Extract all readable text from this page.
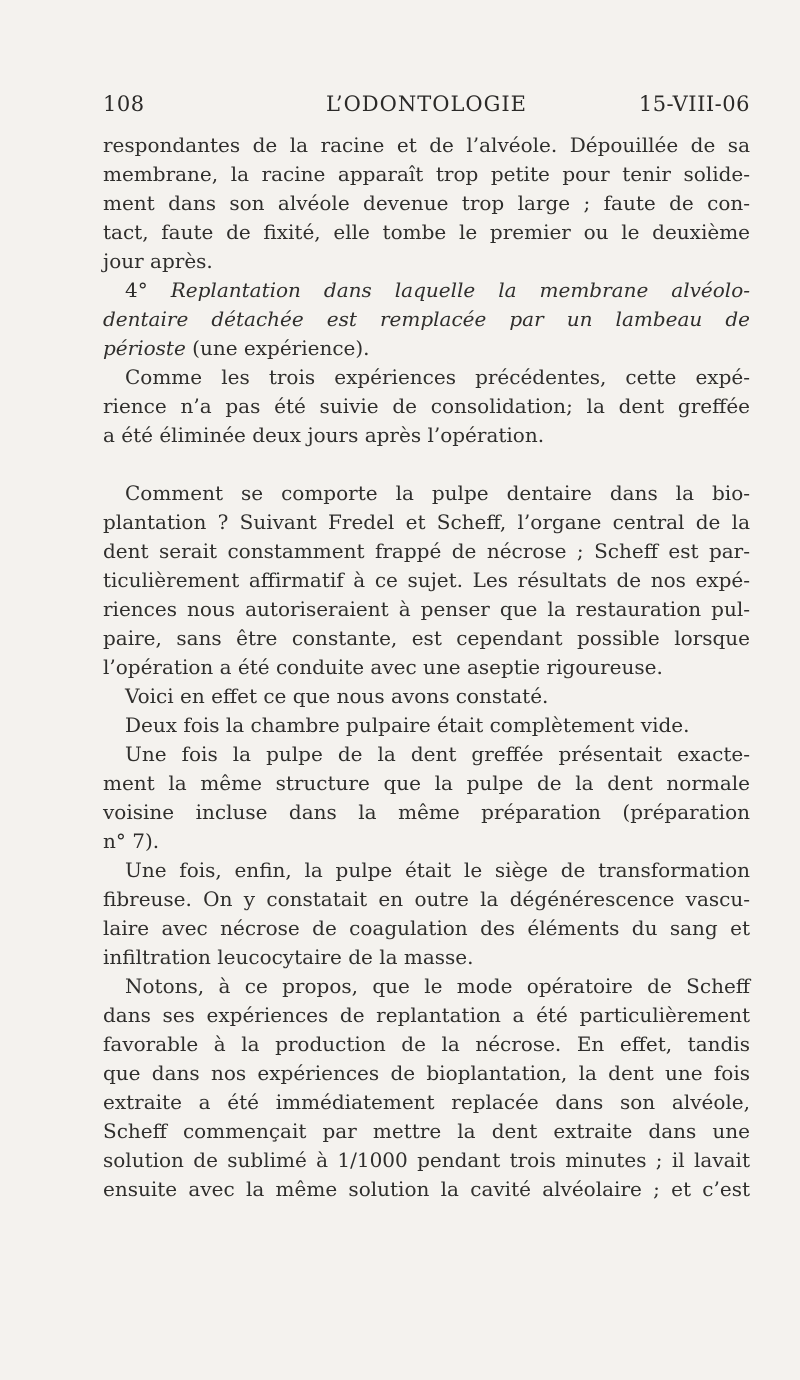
108	L’ODONTOLOGIE	15-VIII-06
respondantes de la racine et de l’alvéole. Dépouillée de sa
membrane, la racine apparaît trop petite pour tenir solide-
ment dans son alvéole devenue trop large ; faute de con-
tact, faute de fixité, elle tombe le premier ou le deuxième
jour après.
4° Replantation dans laquelle la membrane alvéolo-
dentaire détachée est remplacée par un lambeau de
périoste (une expérience).
Comme les trois expériences précédentes, cette expé-
rience n’a pas été suivie de consolidation; la dent greffée
a été éliminée deux jours après l’opération.
Comment se comporte la pulpe dentaire dans la bio-
plantation ? Suivant Fredel et Scheff, l’organe central de la
dent serait constamment frappé de nécrose ; Scheff est par-
ticulièrement affirmatif à ce sujet. Les résultats de nos expé-
riences nous autoriseraient à penser que la restauration pul-
paire, sans être constante, est cependant possible lorsque
l’opération a été conduite avec une aseptie rigoureuse.
Voici en effet ce que nous avons constaté.
Deux fois la chambre pulpaire était complètement vide.
Une fois la pulpe de la dent greffée présentait exacte-
ment la même structure que la pulpe de la dent normale
voisine incluse dans la même préparation (préparation
n° 7).
Une fois, enfin, la pulpe était le siège de transformation
fibreuse. On y constatait en outre la dégénérescence vascu-
laire avec nécrose de coagulation des éléments du sang et
infiltration leucocytaire de la masse.
Notons, à ce propos, que le mode opératoire de Scheff
dans ses expériences de replantation a été particulièrement
favorable à la production de la nécrose. En effet, tandis
que dans nos expériences de bioplantation, la dent une fois
extraite a été immédiatement replacée dans son alvéole,
Scheff commençait par mettre la dent extraite dans une
solution de sublimé à 1/1000 pendant trois minutes ; il lavait
ensuite avec la même solution la cavité alvéolaire ; et c’est
